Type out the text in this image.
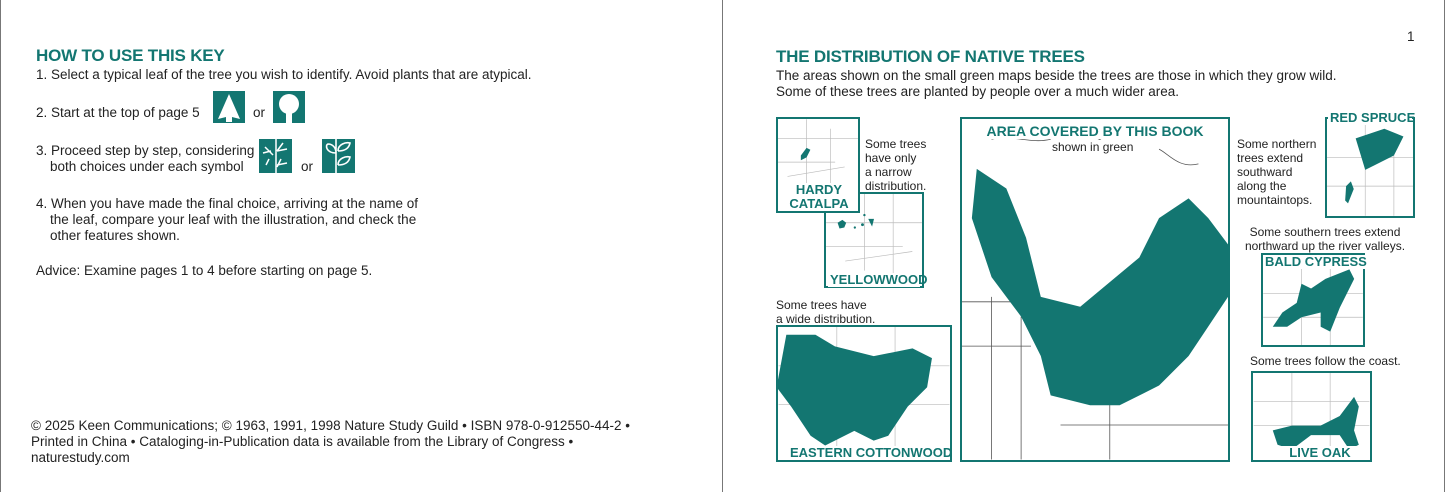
HOW TO USE THIS KEY
1. Select a typical leaf of the tree you wish to identify. Avoid plants that are atypical.
2. Start at the top of page 5	or
3. Proceed step by step, considering
both choices under each symbol	or
4. When you have made the final choice, arriving at the name of
the leaf, compare your leaf with the illustration, and check the
other features shown.
Advice: Examine pages 1 to 4 before starting on page 5.
© 2025 Keen Communications; © 1963, 1991, 1998 Nature Study Guild • ISBN 978-0-912550-44-2 •
Printed in China • Cataloging-in-Publication data is available from the Library of Congress •
naturestudy.com
1
THE DISTRIBUTION OF NATIVE TREES
The areas shown on the small green maps beside the trees are those in which they grow wild.
Some of these trees are planted by people over a much wider area.
YELLOWWOOD
HARDY
CATALPA
Some trees
have only
a narrow
distribution.
Some trees have
a wide distribution.
EASTERN COTTONWOOD
AREA COVERED BY THIS BOOK
shown in green	Some northern
trees extend
southward
along the
mountaintops.
RED SPRUCE
Some southern trees extend
northward up the river valleys.
BALD CYPRESS
Some trees follow the coast.
LIVE OAK
